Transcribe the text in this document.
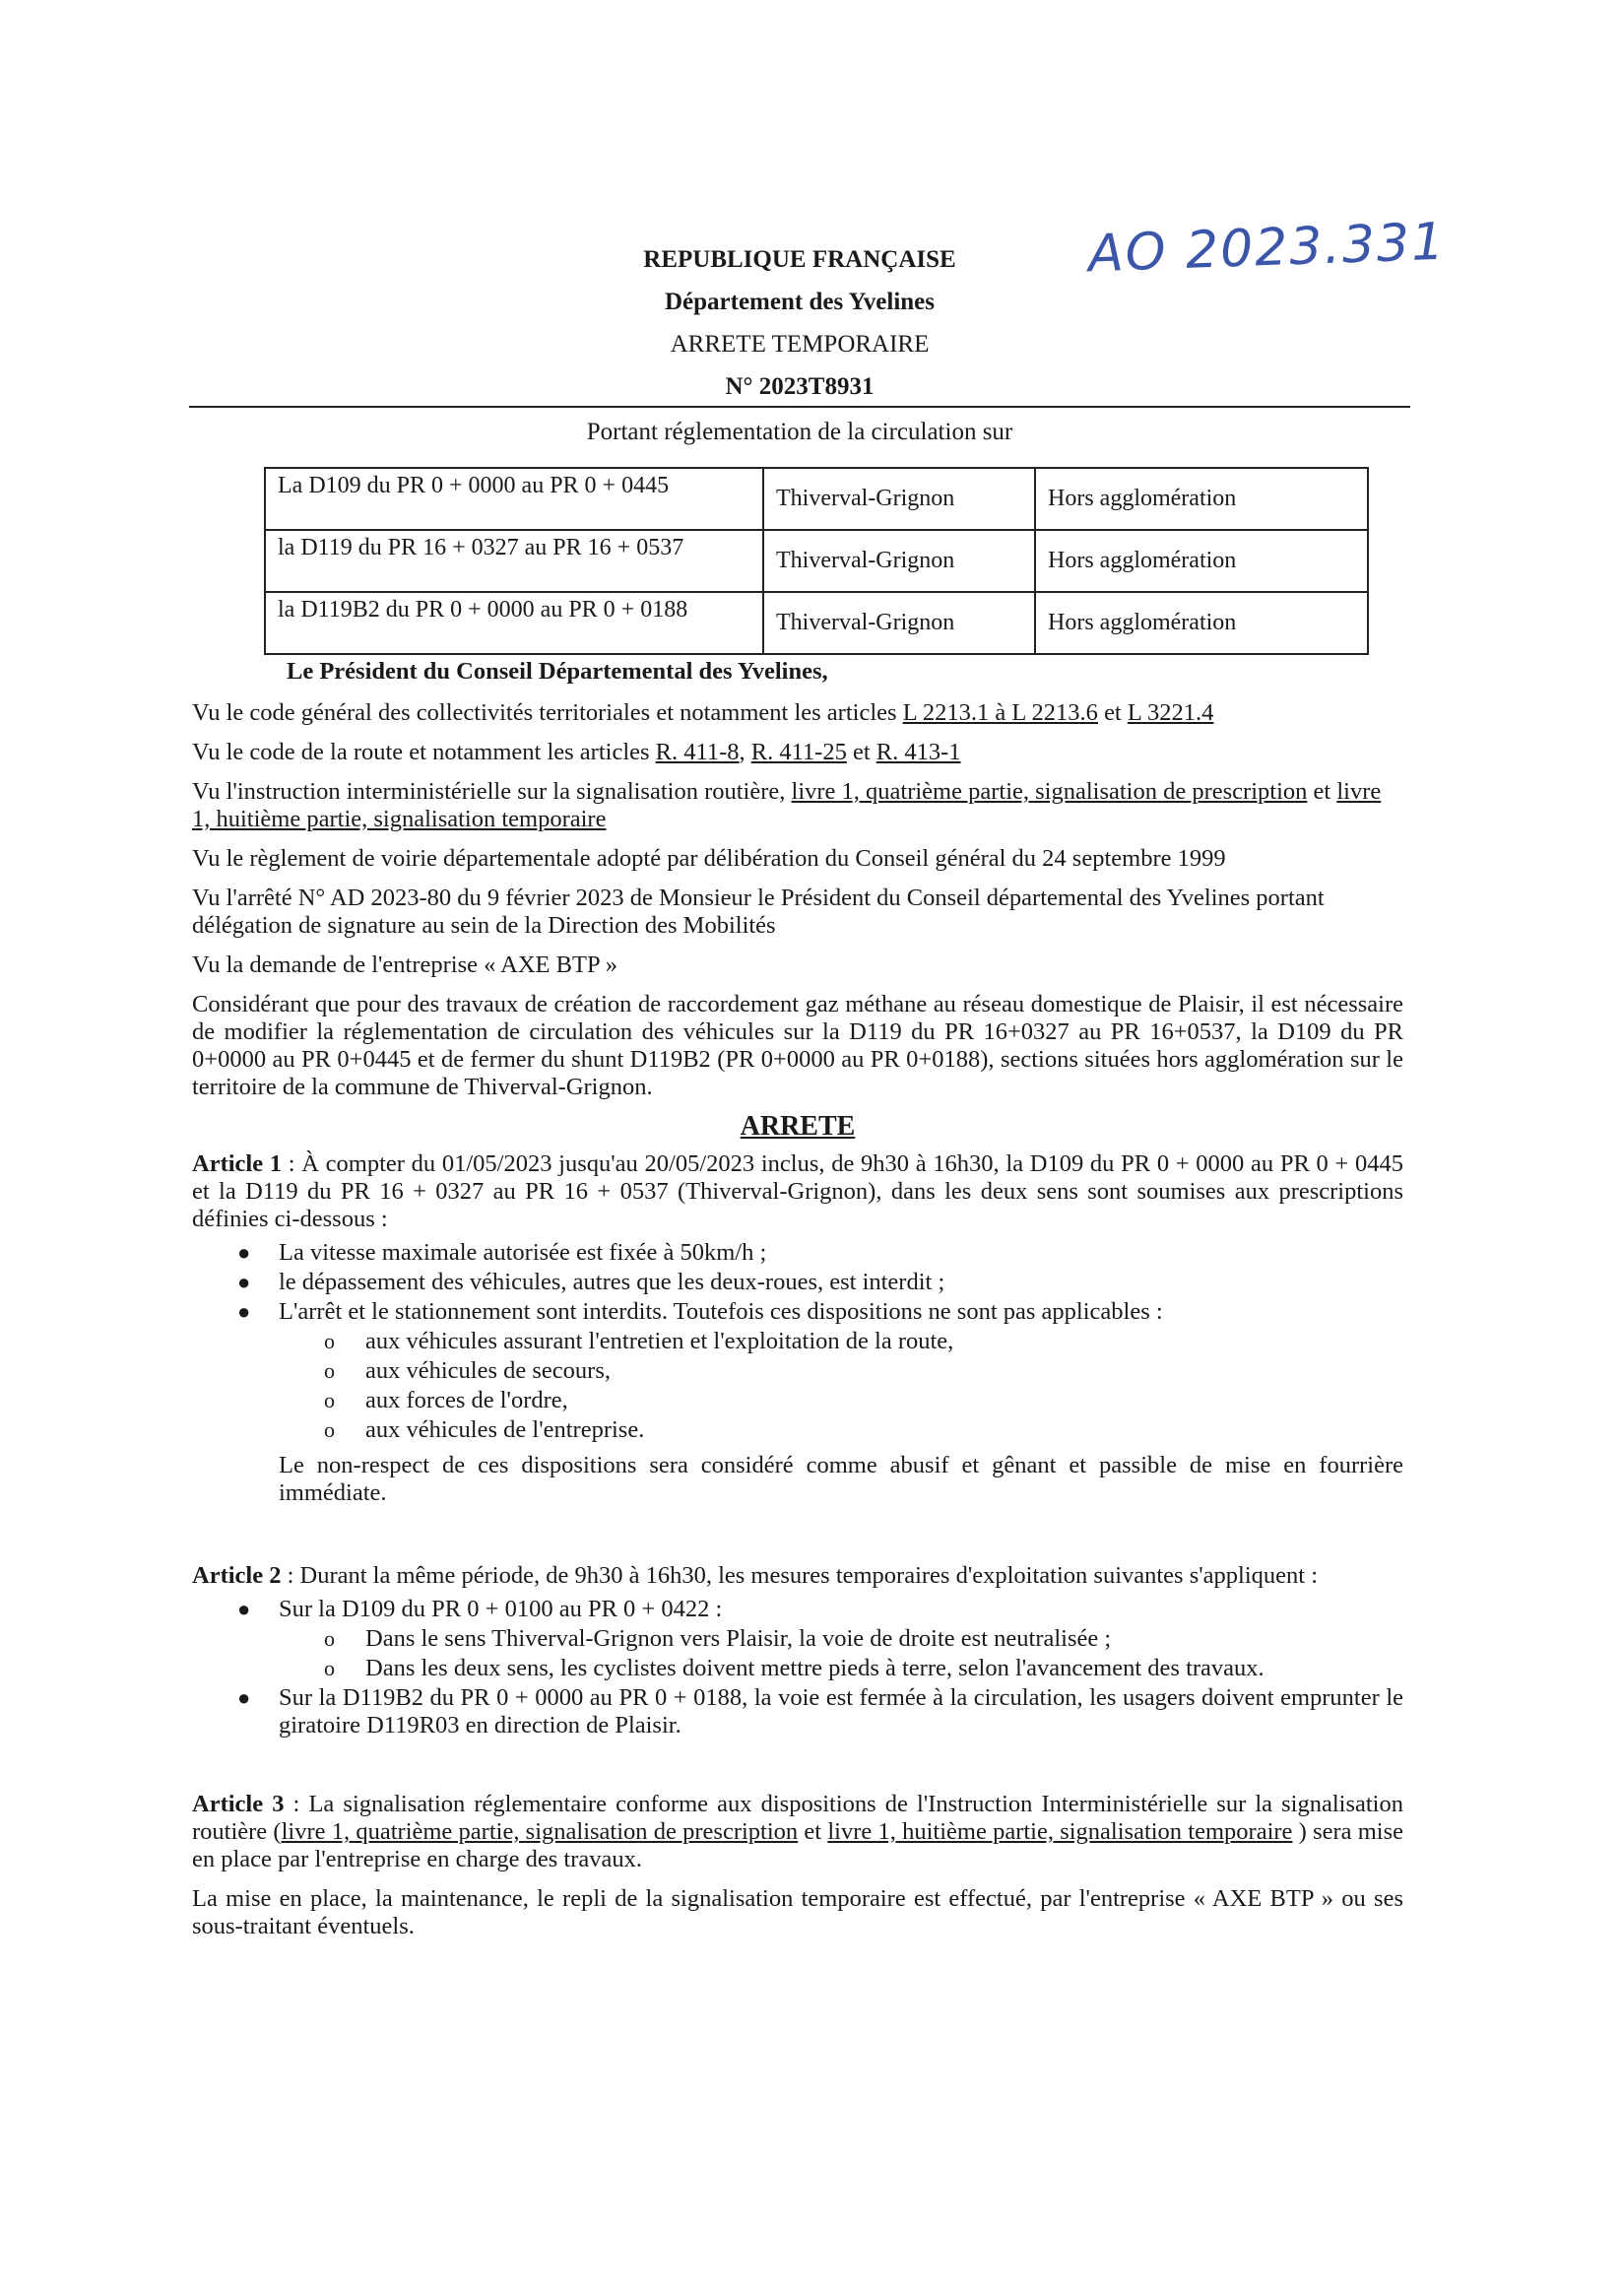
AO 2023.331
REPUBLIQUE FRANÇAISE
Département des Yvelines
ARRETE TEMPORAIRE
N° 2023T8931
Portant réglementation de la circulation sur
La D109 du PR 0 + 0000 au PR 0 + 0445	Thiverval-Grignon	Hors agglomération
la D119 du PR 16 + 0327 au PR 16 + 0537	Thiverval-Grignon	Hors agglomération
la D119B2 du PR 0 + 0000 au PR 0 + 0188	Thiverval-Grignon	Hors agglomération

Le Président du Conseil Départemental des Yvelines,

Vu le code général des collectivités territoriales et notamment les articles L 2213.1 à L 2213.6 et L 3221.4

Vu le code de la route et notamment les articles R. 411-8, R. 411-25 et R. 413-1

Vu l'instruction interministérielle sur la signalisation routière, livre 1, quatrième partie, signalisation de prescription et livre 1, huitième partie, signalisation temporaire

Vu le règlement de voirie départementale adopté par délibération du Conseil général du 24 septembre 1999

Vu l'arrêté N° AD 2023-80 du 9 février 2023 de Monsieur le Président du Conseil départemental des Yvelines portant délégation de signature au sein de la Direction des Mobilités

Vu la demande de l'entreprise « AXE BTP »

Considérant que pour des travaux de création de raccordement gaz méthane au réseau domestique de Plaisir, il est nécessaire de modifier la réglementation de circulation des véhicules sur la D119 du PR 16+0327 au PR 16+0537, la D109 du PR 0+0000 au PR 0+0445 et de fermer du shunt D119B2 (PR 0+0000 au PR 0+0188), sections situées hors agglomération sur le territoire de la commune de Thiverval-Grignon.

ARRETE

Article 1 : À compter du 01/05/2023 jusqu'au 20/05/2023 inclus, de 9h30 à 16h30, la D109 du PR 0 + 0000 au PR 0 + 0445 et la D119 du PR 16 + 0327 au PR 16 + 0537 (Thiverval-Grignon), dans les deux sens sont soumises aux prescriptions définies ci-dessous :

● La vitesse maximale autorisée est fixée à 50km/h ;
● le dépassement des véhicules, autres que les deux-roues, est interdit ;
● L'arrêt et le stationnement sont interdits. Toutefois ces dispositions ne sont pas applicables :
o aux véhicules assurant l'entretien et l'exploitation de la route,
o aux véhicules de secours,
o aux forces de l'ordre,
o aux véhicules de l'entreprise.

Le non-respect de ces dispositions sera considéré comme abusif et gênant et passible de mise en fourrière immédiate.

Article 2 : Durant la même période, de 9h30 à 16h30, les mesures temporaires d'exploitation suivantes s'appliquent :

● Sur la D109 du PR 0 + 0100 au PR 0 + 0422 :
o Dans le sens Thiverval-Grignon vers Plaisir, la voie de droite est neutralisée ;
o Dans les deux sens, les cyclistes doivent mettre pieds à terre, selon l'avancement des travaux.
● Sur la D119B2 du PR 0 + 0000 au PR 0 + 0188, la voie est fermée à la circulation, les usagers doivent emprunter le giratoire D119R03 en direction de Plaisir.

Article 3 : La signalisation réglementaire conforme aux dispositions de l'Instruction Interministérielle sur la signalisation routière (livre 1, quatrième partie, signalisation de prescription et livre 1, huitième partie, signalisation temporaire ) sera mise en place par l'entreprise en charge des travaux.

La mise en place, la maintenance, le repli de la signalisation temporaire est effectué, par l'entreprise « AXE BTP » ou ses sous-traitant éventuels.
